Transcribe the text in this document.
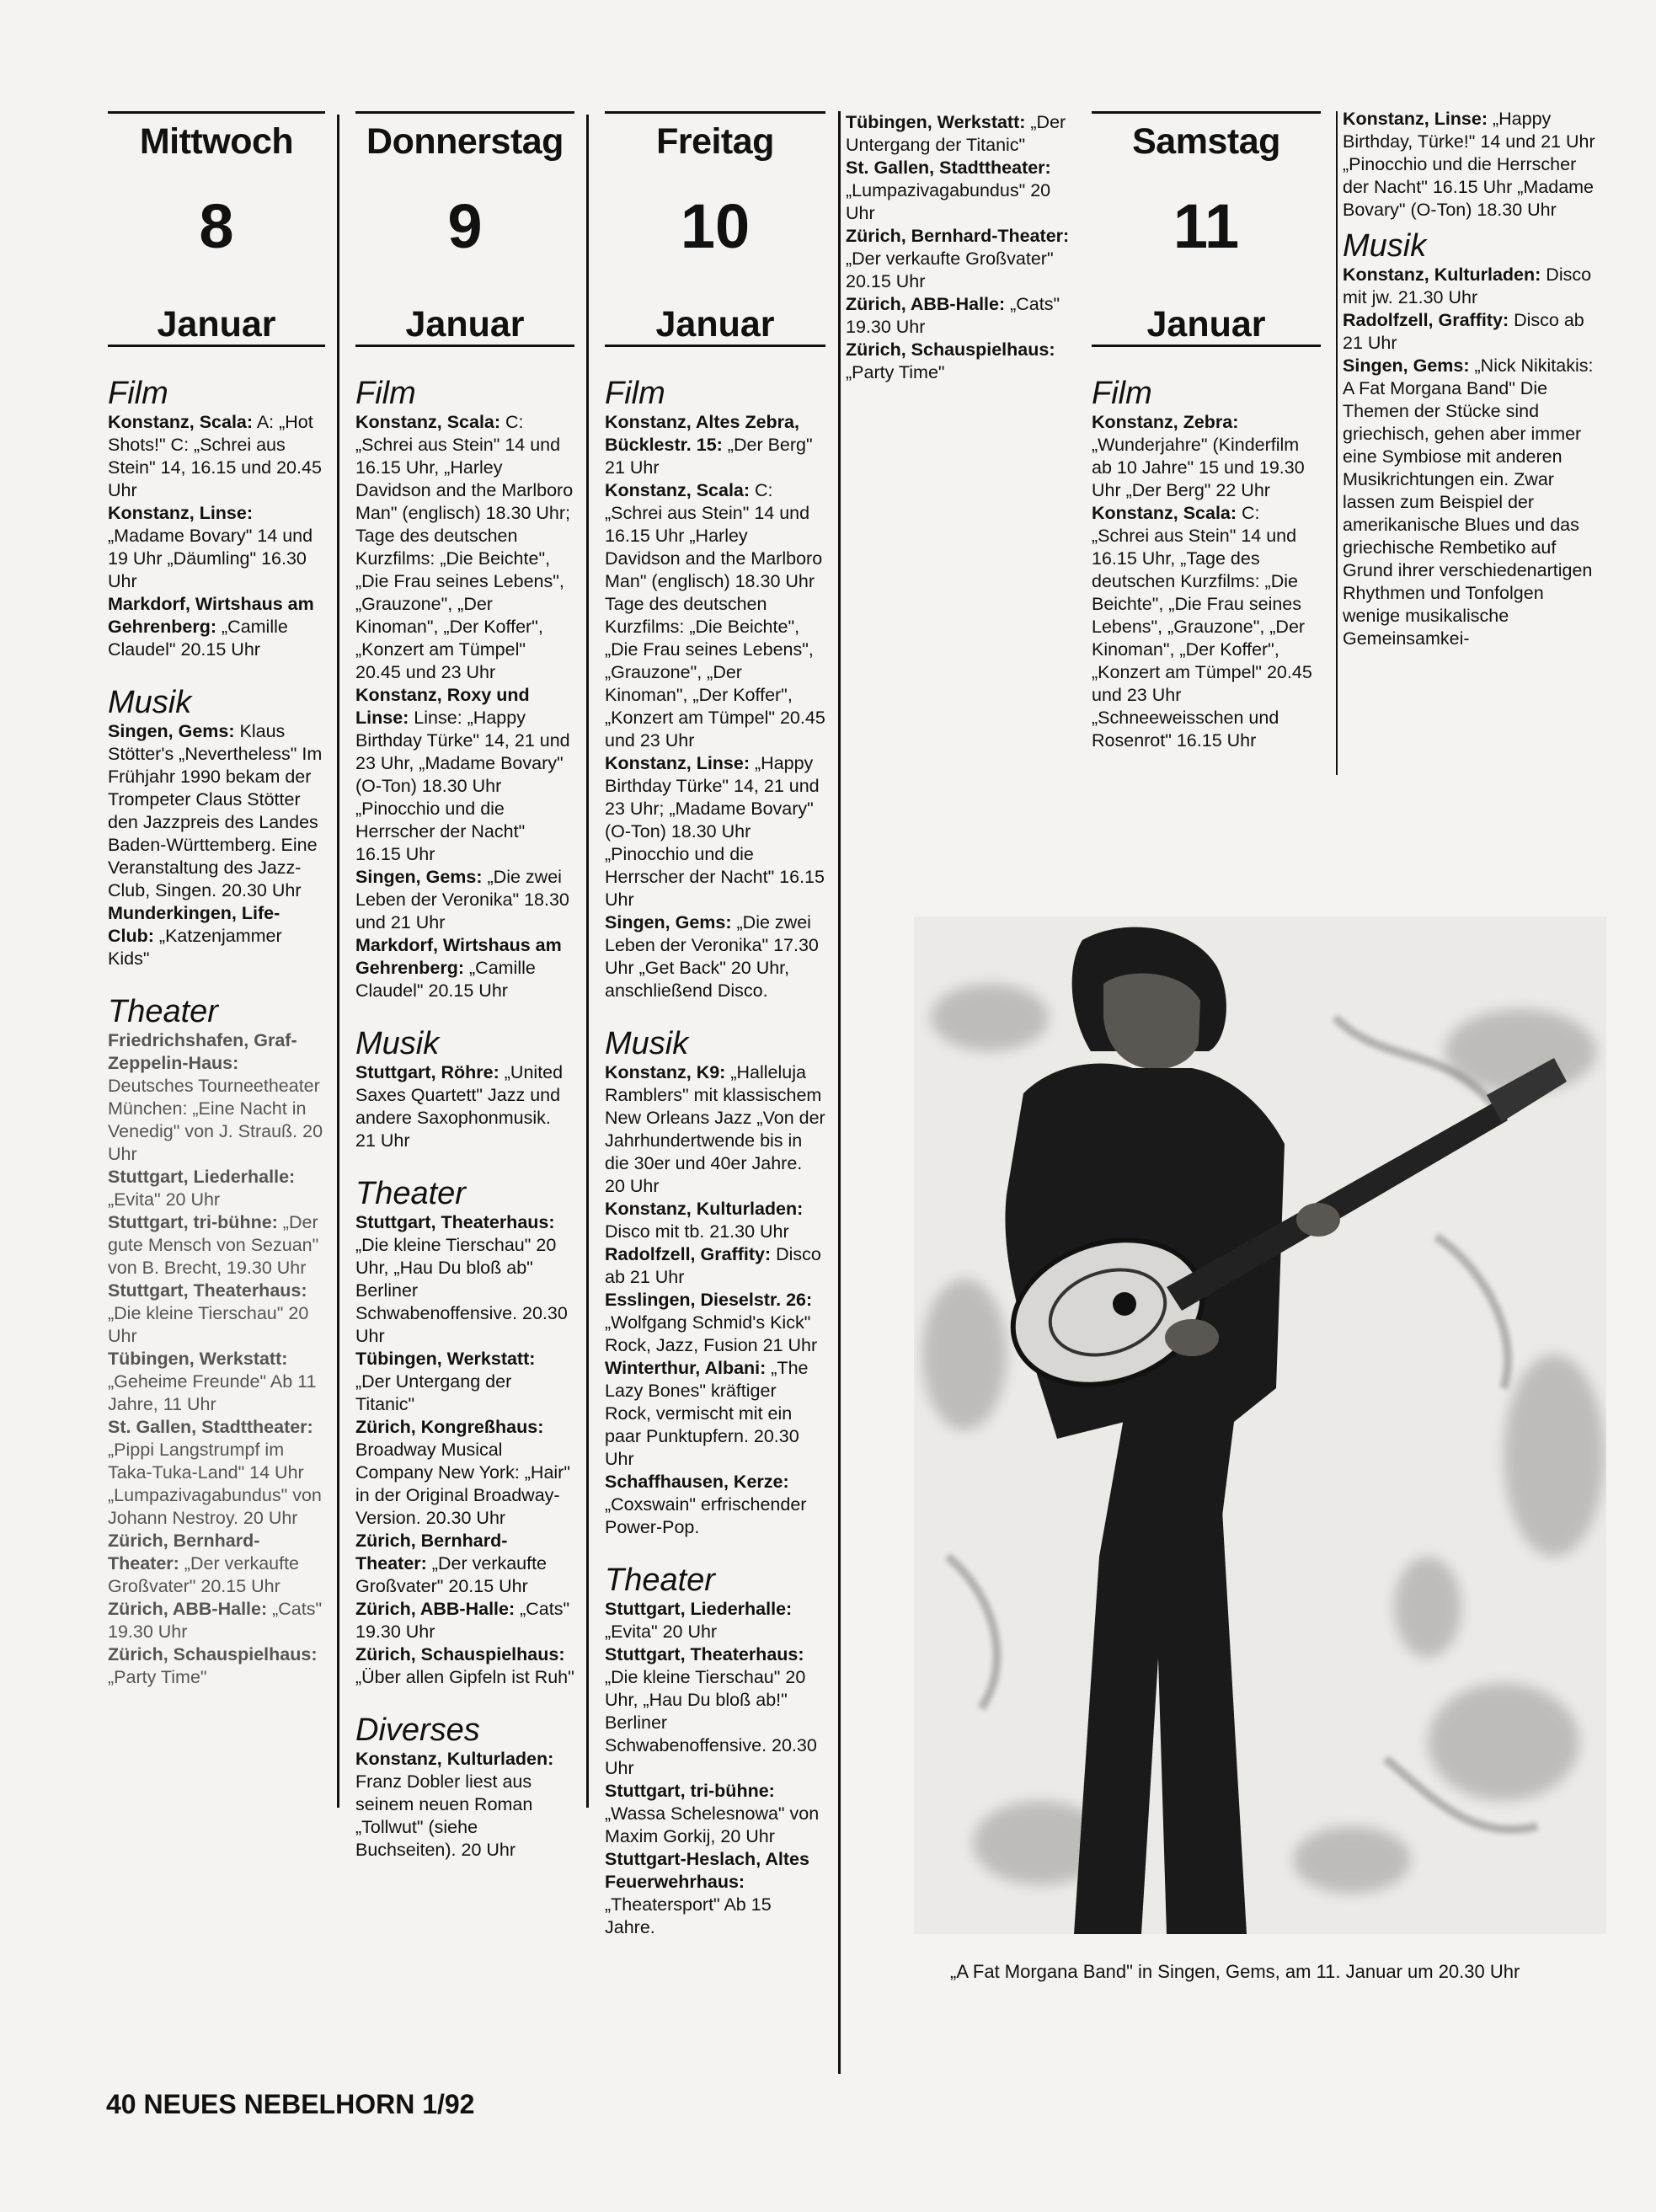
Mittwoch
8
Januar
Film

Konstanz, Scala: A: „Hot Shots!" C: „Schrei aus Stein" 14, 16.15 und 20.45 Uhr

Konstanz, Linse: „Madame Bovary" 14 und 19 Uhr „Däumling" 16.30 Uhr

Markdorf, Wirtshaus am Gehrenberg: „Camille Claudel" 20.15 Uhr

Musik

Singen, Gems: Klaus Stötter's „Nevertheless" Im Frühjahr 1990 bekam der Trompeter Claus Stötter den Jazzpreis des Landes Baden-Württemberg. Eine Veranstaltung des Jazz-Club, Singen. 20.30 Uhr

Munderkingen, Life-Club: „Katzenjammer Kids"

Theater

Friedrichshafen, Graf-Zeppelin-Haus: Deutsches Tourneetheater München: „Eine Nacht in Venedig" von J. Strauß. 20 Uhr

Stuttgart, Liederhalle: „Evita" 20 Uhr

Stuttgart, tri-bühne: „Der gute Mensch von Sezuan" von B. Brecht, 19.30 Uhr

Stuttgart, Theaterhaus: „Die kleine Tierschau" 20 Uhr

Tübingen, Werkstatt: „Geheime Freunde" Ab 11 Jahre, 11 Uhr

St. Gallen, Stadttheater: „Pippi Langstrumpf im Taka-Tuka-Land" 14 Uhr „Lumpazivagabundus" von Johann Nestroy. 20 Uhr

Zürich, Bernhard-Theater: „Der verkaufte Großvater" 20.15 Uhr

Zürich, ABB-Halle: „Cats" 19.30 Uhr

Zürich, Schauspielhaus: „Party Time"

Donnerstag
9
Januar
Film

Konstanz, Scala: C: „Schrei aus Stein" 14 und 16.15 Uhr, „Harley Davidson and the Marlboro Man" (englisch) 18.30 Uhr; Tage des deutschen Kurzfilms: „Die Beichte", „Die Frau seines Lebens", „Grauzone", „Der Kinoman", „Der Koffer", „Konzert am Tümpel" 20.45 und 23 Uhr

Konstanz, Roxy und Linse: Linse: „Happy Birthday Türke" 14, 21 und 23 Uhr, „Madame Bovary" (O-Ton) 18.30 Uhr „Pinocchio und die Herrscher der Nacht" 16.15 Uhr

Singen, Gems: „Die zwei Leben der Veronika" 18.30 und 21 Uhr

Markdorf, Wirtshaus am Gehrenberg: „Camille Claudel" 20.15 Uhr

Musik

Stuttgart, Röhre: „United Saxes Quartett" Jazz und andere Saxophonmusik. 21 Uhr

Theater

Stuttgart, Theaterhaus: „Die kleine Tierschau" 20 Uhr, „Hau Du bloß ab" Berliner Schwabenoffensive. 20.30 Uhr

Tübingen, Werkstatt: „Der Untergang der Titanic"

Zürich, Kongreßhaus: Broadway Musical Company New York: „Hair" in der Original Broadway-Version. 20.30 Uhr

Zürich, Bernhard-Theater: „Der verkaufte Großvater" 20.15 Uhr

Zürich, ABB-Halle: „Cats" 19.30 Uhr

Zürich, Schauspielhaus: „Über allen Gipfeln ist Ruh"

Diverses

Konstanz, Kulturladen: Franz Dobler liest aus seinem neuen Roman „Tollwut" (siehe Buchseiten). 20 Uhr

Freitag
10
Januar
Film

Konstanz, Altes Zebra, Bücklestr. 15: „Der Berg" 21 Uhr

Konstanz, Scala: C: „Schrei aus Stein" 14 und 16.15 Uhr „Harley Davidson and the Marlboro Man" (englisch) 18.30 Uhr Tage des deutschen Kurzfilms: „Die Beichte", „Die Frau seines Lebens", „Grauzone", „Der Kinoman", „Der Koffer", „Konzert am Tümpel" 20.45 und 23 Uhr

Konstanz, Linse: „Happy Birthday Türke" 14, 21 und 23 Uhr; „Madame Bovary" (O-Ton) 18.30 Uhr „Pinocchio und die Herrscher der Nacht" 16.15 Uhr

Singen, Gems: „Die zwei Leben der Veronika" 17.30 Uhr „Get Back" 20 Uhr, anschließend Disco.

Musik

Konstanz, K9: „Halleluja Ramblers" mit klassischem New Orleans Jazz „Von der Jahrhundertwende bis in die 30er und 40er Jahre. 20 Uhr

Konstanz, Kulturladen: Disco mit tb. 21.30 Uhr

Radolfzell, Graffity: Disco ab 21 Uhr

Esslingen, Dieselstr. 26: „Wolfgang Schmid's Kick" Rock, Jazz, Fusion 21 Uhr

Winterthur, Albani: „The Lazy Bones" kräftiger Rock, vermischt mit ein paar Punktupfern. 20.30 Uhr

Schaffhausen, Kerze: „Coxswain" erfrischender Power-Pop.

Theater

Stuttgart, Liederhalle: „Evita" 20 Uhr

Stuttgart, Theaterhaus: „Die kleine Tierschau" 20 Uhr, „Hau Du bloß ab!" Berliner Schwabenoffensive. 20.30 Uhr

Stuttgart, tri-bühne: „Wassa Schelesnowa" von Maxim Gorkij, 20 Uhr

Stuttgart-Heslach, Altes Feuerwehrhaus: „Theatersport" Ab 15 Jahre.

Tübingen, Werkstatt: „Der Untergang der Titanic"

St. Gallen, Stadttheater: „Lumpazivagabundus" 20 Uhr

Zürich, Bernhard-Theater: „Der verkaufte Großvater" 20.15 Uhr

Zürich, ABB-Halle: „Cats" 19.30 Uhr

Zürich, Schauspielhaus: „Party Time"

Samstag
11
Januar
Film

Konstanz, Zebra: „Wunderjahre" (Kinderfilm ab 10 Jahre" 15 und 19.30 Uhr „Der Berg" 22 Uhr

Konstanz, Scala: C: „Schrei aus Stein" 14 und 16.15 Uhr, „Tage des deutschen Kurzfilms: „Die Beichte", „Die Frau seines Lebens", „Grauzone", „Der Kinoman", „Der Koffer", „Konzert am Tümpel" 20.45 und 23 Uhr „Schneeweisschen und Rosenrot" 16.15 Uhr

Konstanz, Linse: „Happy Birthday, Türke!" 14 und 21 Uhr „Pinocchio und die Herrscher der Nacht" 16.15 Uhr „Madame Bovary" (O-Ton) 18.30 Uhr

Musik

Konstanz, Kulturladen: Disco mit jw. 21.30 Uhr

Radolfzell, Graffity: Disco ab 21 Uhr

Singen, Gems: „Nick Nikitakis: A Fat Morgana Band" Die Themen der Stücke sind griechisch, gehen aber immer eine Symbiose mit anderen Musikrichtungen ein. Zwar lassen zum Beispiel der amerikanische Blues und das griechische Rembetiko auf Grund ihrer verschiedenartigen Rhythmen und Tonfolgen wenige musikalische Gemeinsamkei-

„A Fat Morgana Band" in Singen, Gems, am 11. Januar um 20.30 Uhr
40 NEUES NEBELHORN 1/92
